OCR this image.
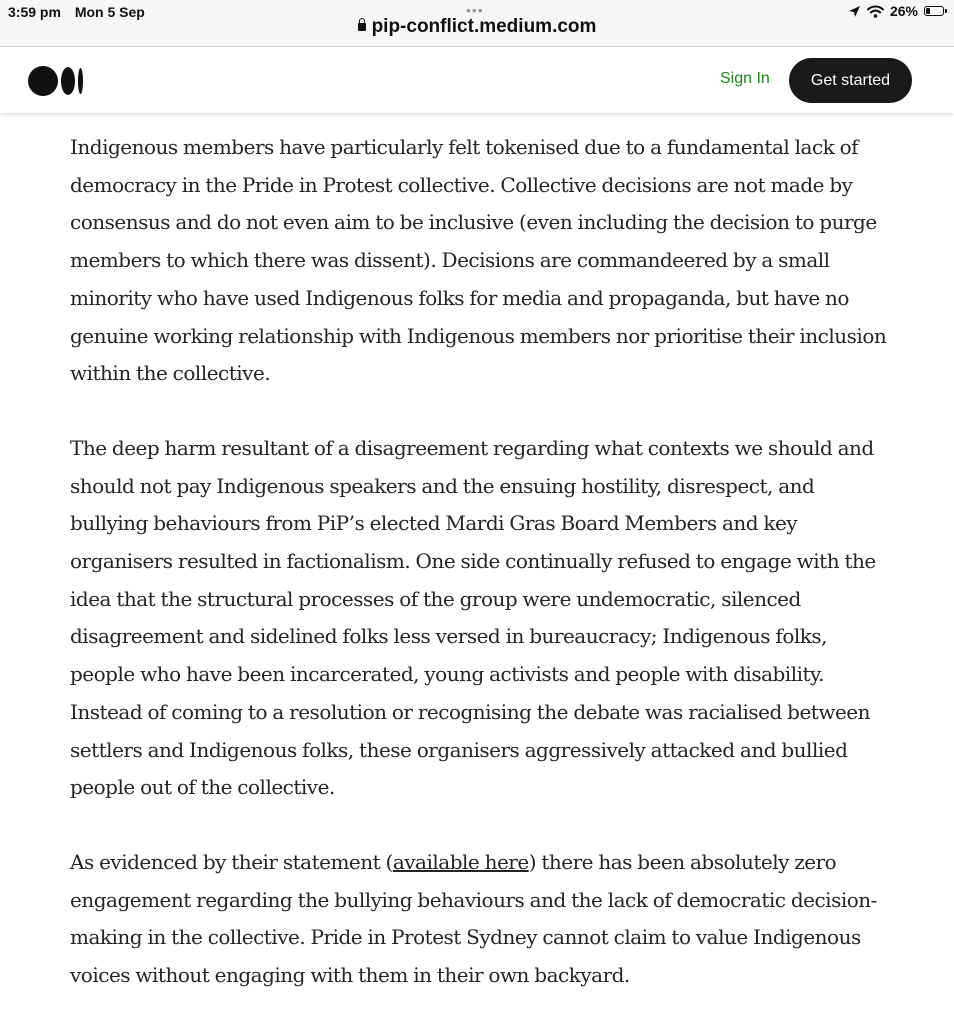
3:59 pm Mon 5 Sep	•••
pip-conflict.medium.com
26%
Sign In	Get started

Indigenous members have particularly felt tokenised due to a fundamental lack of democracy in the Pride in Protest collective. Collective decisions are not made by consensus and do not even aim to be inclusive (even including the decision to purge members to which there was dissent). Decisions are commandeered by a small minority who have used Indigenous folks for media and propaganda, but have no genuine working relationship with Indigenous members nor prioritise their inclusion within the collective.

The deep harm resultant of a disagreement regarding what contexts we should and should not pay Indigenous speakers and the ensuing hostility, disrespect, and bullying behaviours from PiP’s elected Mardi Gras Board Members and key organisers resulted in factionalism. One side continually refused to engage with the idea that the structural processes of the group were undemocratic, silenced disagreement and sidelined folks less versed in bureaucracy; Indigenous folks, people who have been incarcerated, young activists and people with disability. Instead of coming to a resolution or recognising the debate was racialised between settlers and Indigenous folks, these organisers aggressively attacked and bullied people out of the collective.

As evidenced by their statement (available here) there has been absolutely zero engagement regarding the bullying behaviours and the lack of democratic decision-making in the collective. Pride in Protest Sydney cannot claim to value Indigenous voices without engaging with them in their own backyard.
